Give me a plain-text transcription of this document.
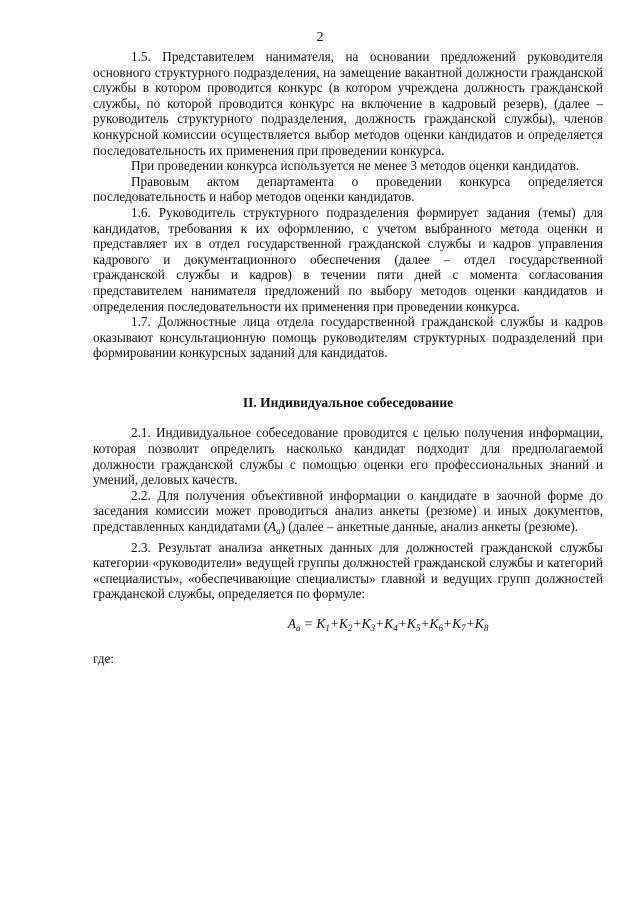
2

1.5. Представителем нанимателя, на основании предложений руководителя основного структурного подразделения, на замещение вакантной должности гражданской службы в котором проводится конкурс (в котором учреждена должность гражданской службы, по которой проводится конкурс на включение в кадровый резерв), (далее – руководитель структурного подразделения, должность гражданской службы), членов конкурсной комиссии осуществляется выбор методов оценки кандидатов и определяется последовательность их применения при проведении конкурса.

При проведении конкурса используется не менее 3 методов оценки кандидатов.

Правовым актом департамента о проведении конкурса определяется последовательность и набор методов оценки кандидатов.

1.6. Руководитель структурного подразделения формирует задания (темы) для кандидатов, требования к их оформлению, с учетом выбранного метода оценки и представляет их в отдел государственной гражданской службы и кадров управления кадрового и документационного обеспечения (далее – отдел государственной гражданской службы и кадров) в течении пяти дней с момента согласования представителем нанимателя предложений по выбору методов оценки кандидатов и определения последовательности их применения при проведении конкурса.

1.7. Должностные лица отдела государственной гражданской службы и кадров оказывают консультационную помощь руководителям структурных подразделений при формировании конкурсных заданий для кандидатов.

II. Индивидуальное собеседование

2.1. Индивидуальное собеседование проводится с целью получения информации, которая позволит определить насколько кандидат подходит для предполагаемой должности гражданской службы с помощью оценки его профессиональных знаний и умений, деловых качеств.

2.2. Для получения объективной информации о кандидате в заочной форме до заседания комиссии может проводиться анализ анкеты (резюме) и иных документов, представленных кандидатами $(A_a)$ (далее – анкетные данные, анализ анкеты (резюме).

2.3. Результат анализа анкетных данных для должностей гражданской службы категории «руководители» ведущей группы должностей гражданской службы и категорий «специалисты», «обеспечивающие специалисты» главной и ведущих групп должностей гражданской службы, определяется по формуле:

$A_a = K_1+K_2+K_3+K_4+K_5+K_6+K_7+K_8$

где:
